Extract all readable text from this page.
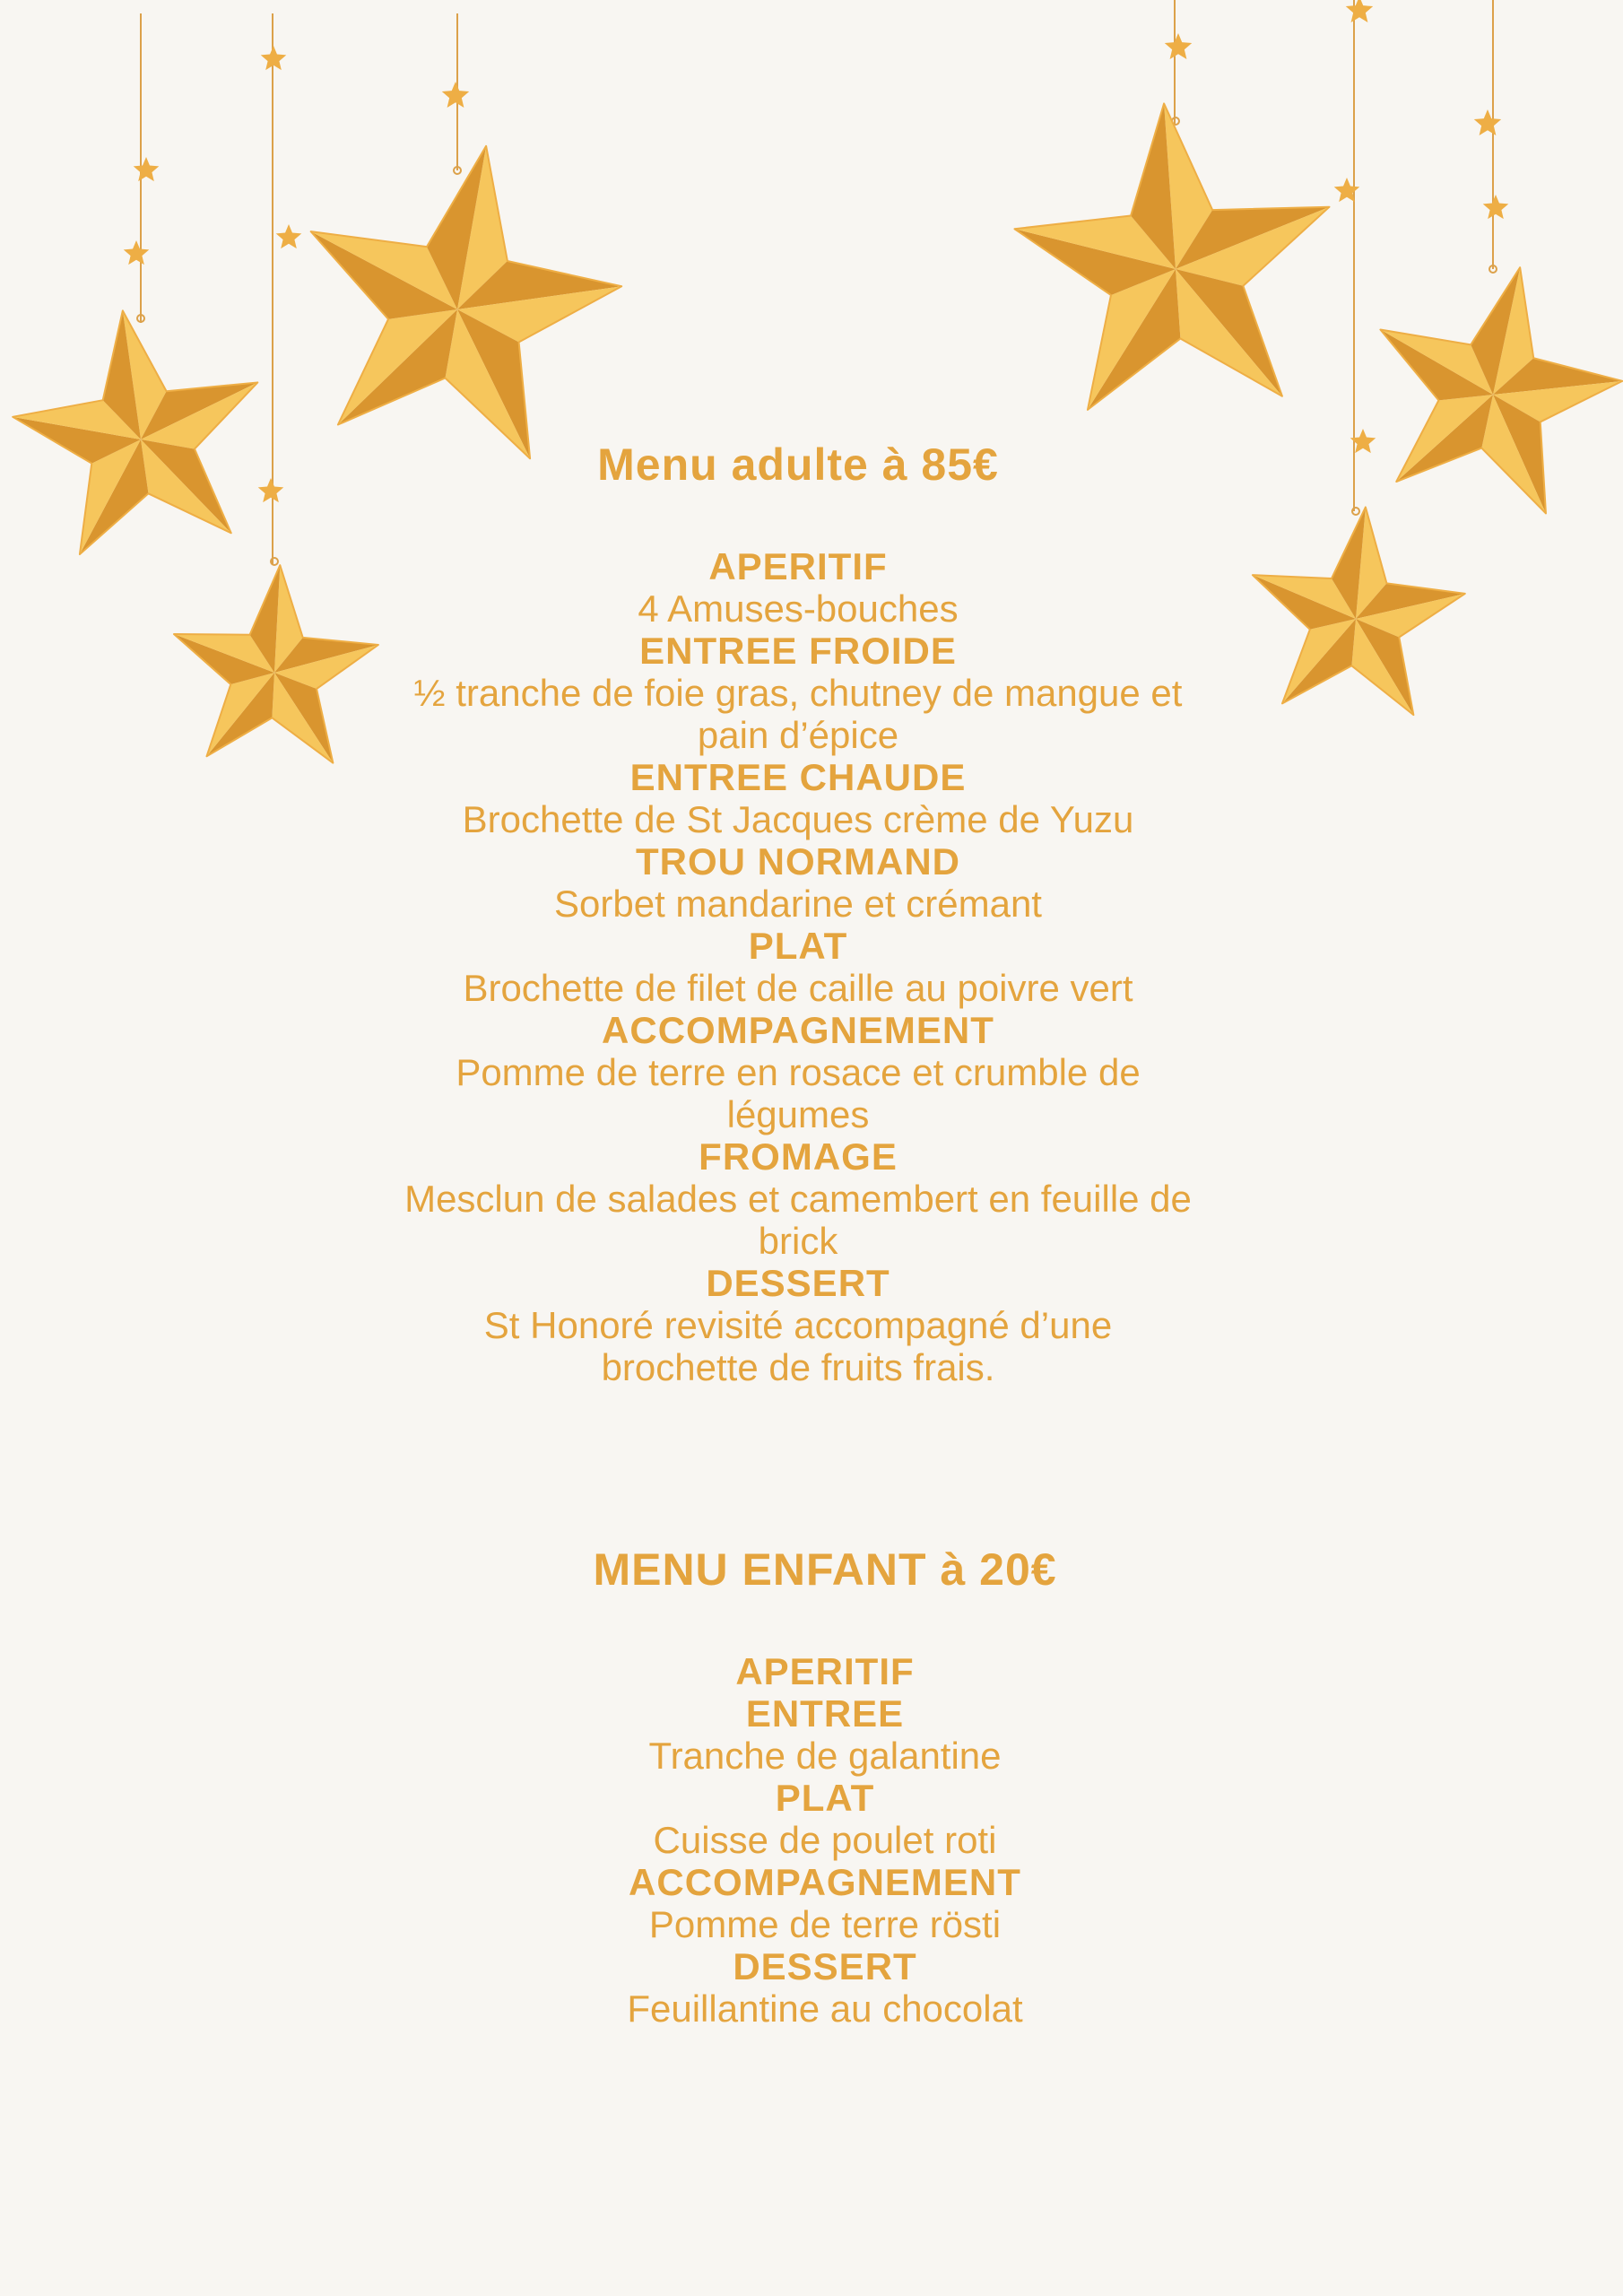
Menu adulte à 85€
APERITIF
4 Amuses-bouches
ENTREE FROIDE
½ tranche de foie gras, chutney de mangue et pain d’épice
ENTREE CHAUDE
Brochette de St Jacques crème de Yuzu
TROU NORMAND
Sorbet mandarine et crémant
PLAT
Brochette de filet de caille au poivre vert
ACCOMPAGNEMENT
Pomme de terre en rosace et crumble de légumes
FROMAGE
Mesclun de salades et camembert en feuille de brick
DESSERT
St Honoré revisité accompagné d’une brochette de fruits frais.
MENU ENFANT à 20€
APERITIF
ENTREE
Tranche de galantine
PLAT
Cuisse de poulet roti
ACCOMPAGNEMENT
Pomme de terre rösti
DESSERT
Feuillantine au chocolat
